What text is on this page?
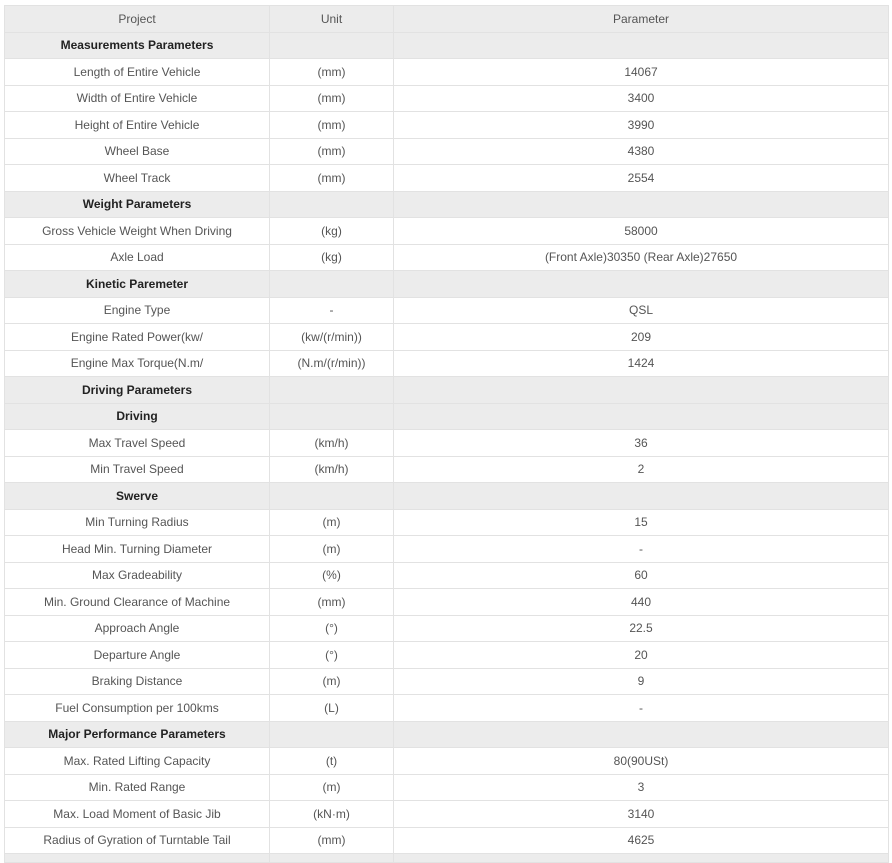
Project	Unit	Parameter
Measurements Parameters		
Length of Entire Vehicle	(mm)	14067
Width of Entire Vehicle	(mm)	3400
Height of Entire Vehicle	(mm)	3990
Wheel Base	(mm)	4380
Wheel Track	(mm)	2554
Weight Parameters		
Gross Vehicle Weight When Driving	(kg)	58000
Axle Load	(kg)	(Front Axle)30350 (Rear Axle)27650
Kinetic Paremeter		
Engine Type	-	QSL
Engine Rated Power(kw/	(kw/(r/min))	209
Engine Max Torque(N.m/	(N.m/(r/min))	1424
Driving Parameters		
Driving		
Max Travel Speed	(km/h)	36
Min Travel Speed	(km/h)	2
Swerve		
Min Turning Radius	(m)	15
Head Min. Turning Diameter	(m)	-
Max Gradeability	(%)	60
Min. Ground Clearance of Machine	(mm)	440
Approach Angle	(°)	22.5
Departure Angle	(°)	20
Braking Distance	(m)	9
Fuel Consumption per 100kms	(L)	-
Major Performance Parameters		
Max. Rated Lifting Capacity	(t)	80(90USt)
Min. Rated Range	(m)	3
Max. Load Moment of Basic Jib	(kN·m)	3140
Radius of Gyration of Turntable Tail	(mm)	4625
